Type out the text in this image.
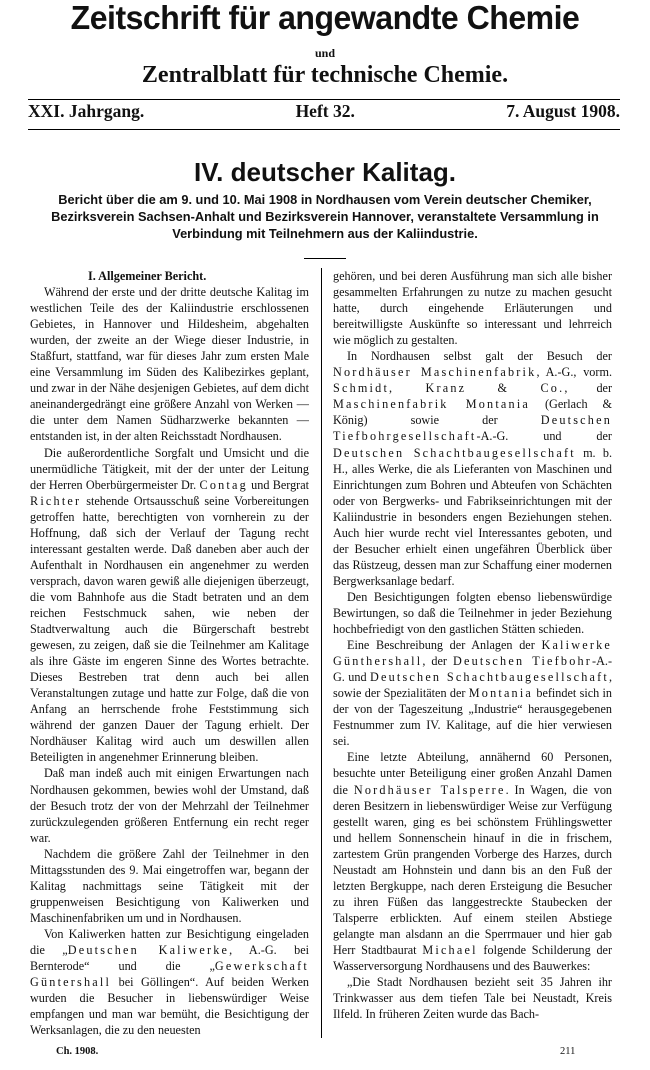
Zeitschrift für angewandte Chemie
und
Zentralblatt für technische Chemie.
XXI. Jahrgang.	Heft 32.	7. August 1908.
IV. deutscher Kalitag.

Bericht über die am 9. und 10. Mai 1908 in Nordhausen vom Verein deutscher Chemiker, Bezirksverein Sachsen-Anhalt und Bezirksverein Hannover, veranstaltete Versammlung in Verbindung mit Teilnehmern aus der Kaliindustrie.

I. Allgemeiner Bericht.

Während der erste und der dritte deutsche Kalitag im westlichen Teile des der Kaliindustrie erschlossenen Gebietes, in Hannover und Hildesheim, abgehalten wurden, der zweite an der Wiege dieser Industrie, in Staßfurt, stattfand, war für dieses Jahr zum ersten Male eine Versammlung im Süden des Kalibezirkes geplant, und zwar in der Nähe desjenigen Gebietes, auf dem dicht aneinandergedrängt eine größere Anzahl von Werken — die unter dem Namen Südharzwerke bekannten — entstanden ist, in der alten Reichsstadt Nordhausen.

Die außerordentliche Sorgfalt und Umsicht und die unermüdliche Tätigkeit, mit der der unter der Leitung der Herren Oberbürgermeister Dr. Contag und Bergrat Richter stehende Ortsausschuß seine Vorbereitungen getroffen hatte, berechtigten von vornherein zu der Hoffnung, daß sich der Verlauf der Tagung recht interessant gestalten werde. Daß daneben aber auch der Aufenthalt in Nordhausen ein angenehmer zu werden versprach, davon waren gewiß alle diejenigen überzeugt, die vom Bahnhofe aus die Stadt betraten und an dem reichen Festschmuck sahen, wie neben der Stadtverwaltung auch die Bürgerschaft bestrebt gewesen, zu zeigen, daß sie die Teilnehmer am Kalitage als ihre Gäste im engeren Sinne des Wortes betrachte. Dieses Bestreben trat denn auch bei allen Veranstaltungen zutage und hatte zur Folge, daß die von Anfang an herrschende frohe Feststimmung sich während der ganzen Dauer der Tagung erhielt. Der Nordhäuser Kalitag wird auch um deswillen allen Beteiligten in angenehmer Erinnerung bleiben.

Daß man indeß auch mit einigen Erwartungen nach Nordhausen gekommen, bewies wohl der Umstand, daß der Besuch trotz der von der Mehrzahl der Teilnehmer zurückzulegenden größeren Entfernung ein recht reger war.

Nachdem die größere Zahl der Teilnehmer in den Mittagsstunden des 9. Mai eingetroffen war, begann der Kalitag nachmittags seine Tätigkeit mit der gruppenweisen Besichtigung von Kaliwerken und Maschinenfabriken um und in Nordhausen.

Von Kaliwerken hatten zur Besichtigung eingeladen die „Deutschen Kaliwerke, A.-G. bei Bernterode“ und die „Gewerkschaft Güntershall bei Göllingen“. Auf beiden Werken wurden die Besucher in liebenswürdiger Weise empfangen und man war bemüht, die Besichtigung der Werksanlagen, die zu den neuesten

gehören, und bei deren Ausführung man sich alle bisher gesammelten Erfahrungen zu nutze zu machen gesucht hatte, durch eingehende Erläuterungen und bereitwilligste Auskünfte so interessant und lehrreich wie möglich zu gestalten.

In Nordhausen selbst galt der Besuch der Nordhäuser Maschinenfabrik, A.-G., vorm. Schmidt, Kranz & Co., der Maschinenfabrik Montania (Gerlach & König) sowie der	Deutschen Tiefbohrgesellschaft-A.-G. und der Deutschen Schachtbaugesellschaft m. b. H., alles Werke, die als Lieferanten von Maschinen und Einrichtungen zum Bohren und Abteufen von Schächten oder von Bergwerks- und Fabrikseinrichtungen mit der Kaliindustrie in besonders engen Beziehungen stehen. Auch hier wurde recht viel Interessantes geboten, und der Besucher erhielt einen ungefähren Überblick über das Rüstzeug, dessen man zur Schaffung einer modernen Bergwerksanlage bedarf.

Den Besichtigungen folgten ebenso liebenswürdige Bewirtungen, so daß die Teilnehmer in jeder Beziehung hochbefriedigt von den gastlichen Stätten schieden.

Eine Beschreibung der Anlagen der Kaliwerke Günthershall, der Deutschen Tiefbohr-A.-G. und Deutschen Schachtbaugesellschaft, sowie der Spezialitäten der Montania befindet sich in der von der Tageszeitung „Industrie“ herausgegebenen Festnummer zum IV. Kalitage, auf die hier verwiesen sei.

Eine letzte Abteilung, annähernd 60 Personen, besuchte unter Beteiligung einer großen Anzahl Damen die Nordhäuser Talsperre. In Wagen, die von deren Besitzern in liebenswürdiger Weise zur Verfügung gestellt waren, ging es bei schönstem Frühlingswetter und hellem Sonnenschein hinauf in die in frischem, zartestem Grün prangenden Vorberge des Harzes, durch Neustadt am Hohnstein und dann bis an den Fuß der letzten Bergkuppe, nach deren Ersteigung die Besucher zu ihren Füßen das langgestreckte Staubecken der Talsperre erblickten. Auf einem steilen Abstiege gelangte man alsdann an die Sperrmauer und hier gab Herr Stadtbaurat Michael folgende Schilderung der Wasserversorgung Nordhausens und des Bauwerkes:

„Die Stadt Nordhausen bezieht seit 35 Jahren ihr Trinkwasser aus dem tiefen Tale bei Neustadt, Kreis Ilfeld. In früheren Zeiten wurde das Bach-

Ch. 1908.	211
